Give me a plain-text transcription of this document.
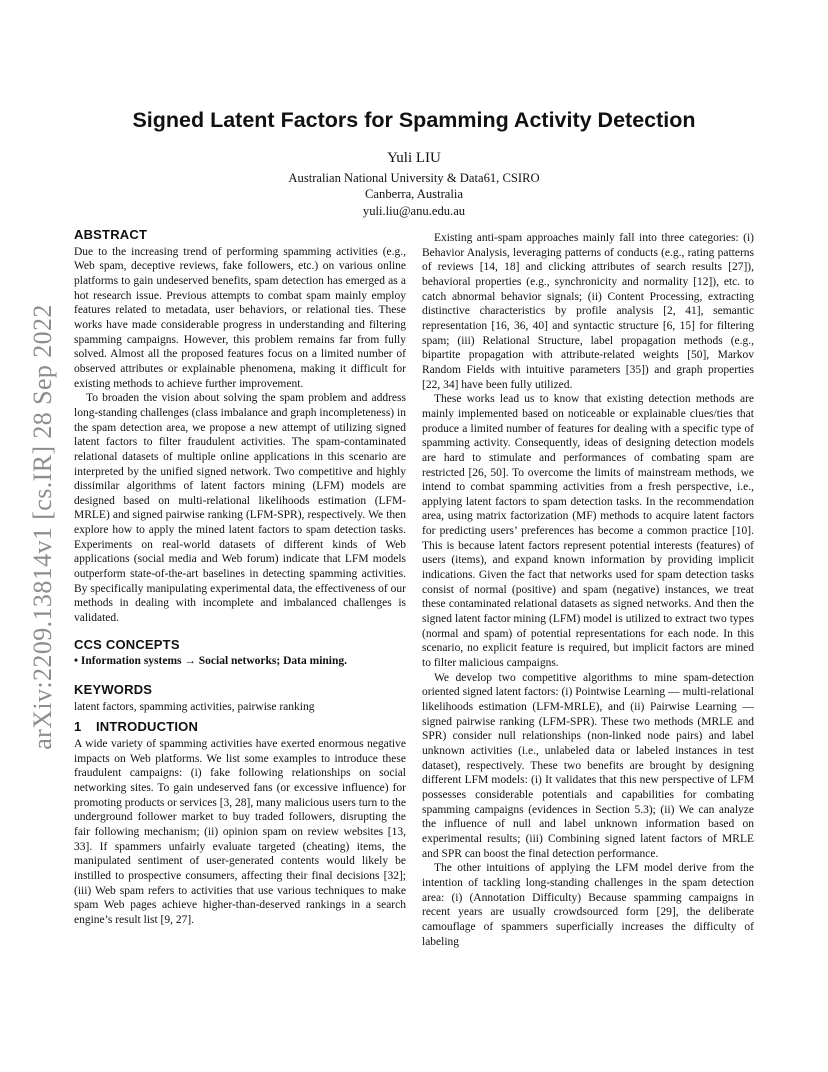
arXiv:2209.13814v1 [cs.IR] 28 Sep 2022
Signed Latent Factors for Spamming Activity Detection
Yuli LIU
Australian National University & Data61, CSIRO
Canberra, Australia
yuli.liu@anu.edu.au
ABSTRACT

Due to the increasing trend of performing spamming activities (e.g., Web spam, deceptive reviews, fake followers, etc.) on various online platforms to gain undeserved benefits, spam detection has emerged as a hot research issue. Previous attempts to combat spam mainly employ features related to metadata, user behaviors, or relational ties. These works have made considerable progress in understanding and filtering spamming campaigns. However, this problem remains far from fully solved. Almost all the proposed features focus on a limited number of observed attributes or explainable phenomena, making it difficult for existing methods to achieve further improvement.

To broaden the vision about solving the spam problem and address long-standing challenges (class imbalance and graph incompleteness) in the spam detection area, we propose a new attempt of utilizing signed latent factors to filter fraudulent activities. The spam-contaminated relational datasets of multiple online applications in this scenario are interpreted by the unified signed network. Two competitive and highly dissimilar algorithms of latent factors mining (LFM) models are designed based on multi-relational likelihoods estimation (LFM-MRLE) and signed pairwise ranking (LFM-SPR), respectively. We then explore how to apply the mined latent factors to spam detection tasks. Experiments on real-world datasets of different kinds of Web applications (social media and Web forum) indicate that LFM models outperform state-of-the-art baselines in detecting spamming activities. By specifically manipulating experimental data, the effectiveness of our methods in dealing with incomplete and imbalanced challenges is validated.

CCS CONCEPTS

• Information systems → Social networks; Data mining.

KEYWORDS

latent factors, spamming activities, pairwise ranking

1 INTRODUCTION

A wide variety of spamming activities have exerted enormous negative impacts on Web platforms. We list some examples to introduce these fraudulent campaigns: (i) fake following relationships on social networking sites. To gain undeserved fans (or excessive influence) for promoting products or services [3, 28], many malicious users turn to the underground follower market to buy traded followers, disrupting the fair following mechanism; (ii) opinion spam on review websites [13, 33]. If spammers unfairly evaluate targeted (cheating) items, the manipulated sentiment of user-generated contents would likely be instilled to prospective consumers, affecting their final decisions [32]; (iii) Web spam refers to activities that use various techniques to make spam Web pages achieve higher-than-deserved rankings in a search engine’s result list [9, 27].

Existing anti-spam approaches mainly fall into three categories: (i) Behavior Analysis, leveraging patterns of conducts (e.g., rating patterns of reviews [14, 18] and clicking attributes of search results [27]), behavioral properties (e.g., synchronicity and normality [12]), etc. to catch abnormal behavior signals; (ii) Content Processing, extracting distinctive characteristics by profile analysis [2, 41], semantic representation [16, 36, 40] and syntactic structure [6, 15] for filtering spam; (iii) Relational Structure, label propagation methods (e.g., bipartite propagation with attribute-related weights [50], Markov Random Fields with intuitive parameters [35]) and graph properties [22, 34] have been fully utilized.

These works lead us to know that existing detection methods are mainly implemented based on noticeable or explainable clues/ties that produce a limited number of features for dealing with a specific type of spamming activity. Consequently, ideas of designing detection models are hard to stimulate and performances of combating spam are restricted [26, 50]. To overcome the limits of mainstream methods, we intend to combat spamming activities from a fresh perspective, i.e., applying latent factors to spam detection tasks. In the recommendation area, using matrix factorization (MF) methods to acquire latent factors for predicting users’ preferences has become a common practice [10]. This is because latent factors represent potential interests (features) of users (items), and expand known information by providing implicit indications. Given the fact that networks used for spam detection tasks consist of normal (positive) and spam (negative) instances, we treat these contaminated relational datasets as signed networks. And then the signed latent factor mining (LFM) model is utilized to extract two types (normal and spam) of potential representations for each node. In this scenario, no explicit feature is required, but implicit factors are mined to filter malicious campaigns.

We develop two competitive algorithms to mine spam-detection oriented signed latent factors: (i) Pointwise Learning — multi-relational likelihoods estimation (LFM-MRLE), and (ii) Pairwise Learning — signed pairwise ranking (LFM-SPR). These two methods (MRLE and SPR) consider null relationships (non-linked node pairs) and label unknown activities (i.e., unlabeled data or labeled instances in test dataset), respectively. These two benefits are brought by designing different LFM models: (i) It validates that this new perspective of LFM possesses considerable potentials and capabilities for combating spamming campaigns (evidences in Section 5.3); (ii) We can analyze the influence of null and label unknown information based on experimental results; (iii) Combining signed latent factors of MRLE and SPR can boost the final detection performance.

The other intuitions of applying the LFM model derive from the intention of tackling long-standing challenges in the spam detection area: (i) (Annotation Difficulty) Because spamming campaigns in recent years are usually crowdsourced form [29], the deliberate camouflage of spammers superficially increases the difficulty of labeling
